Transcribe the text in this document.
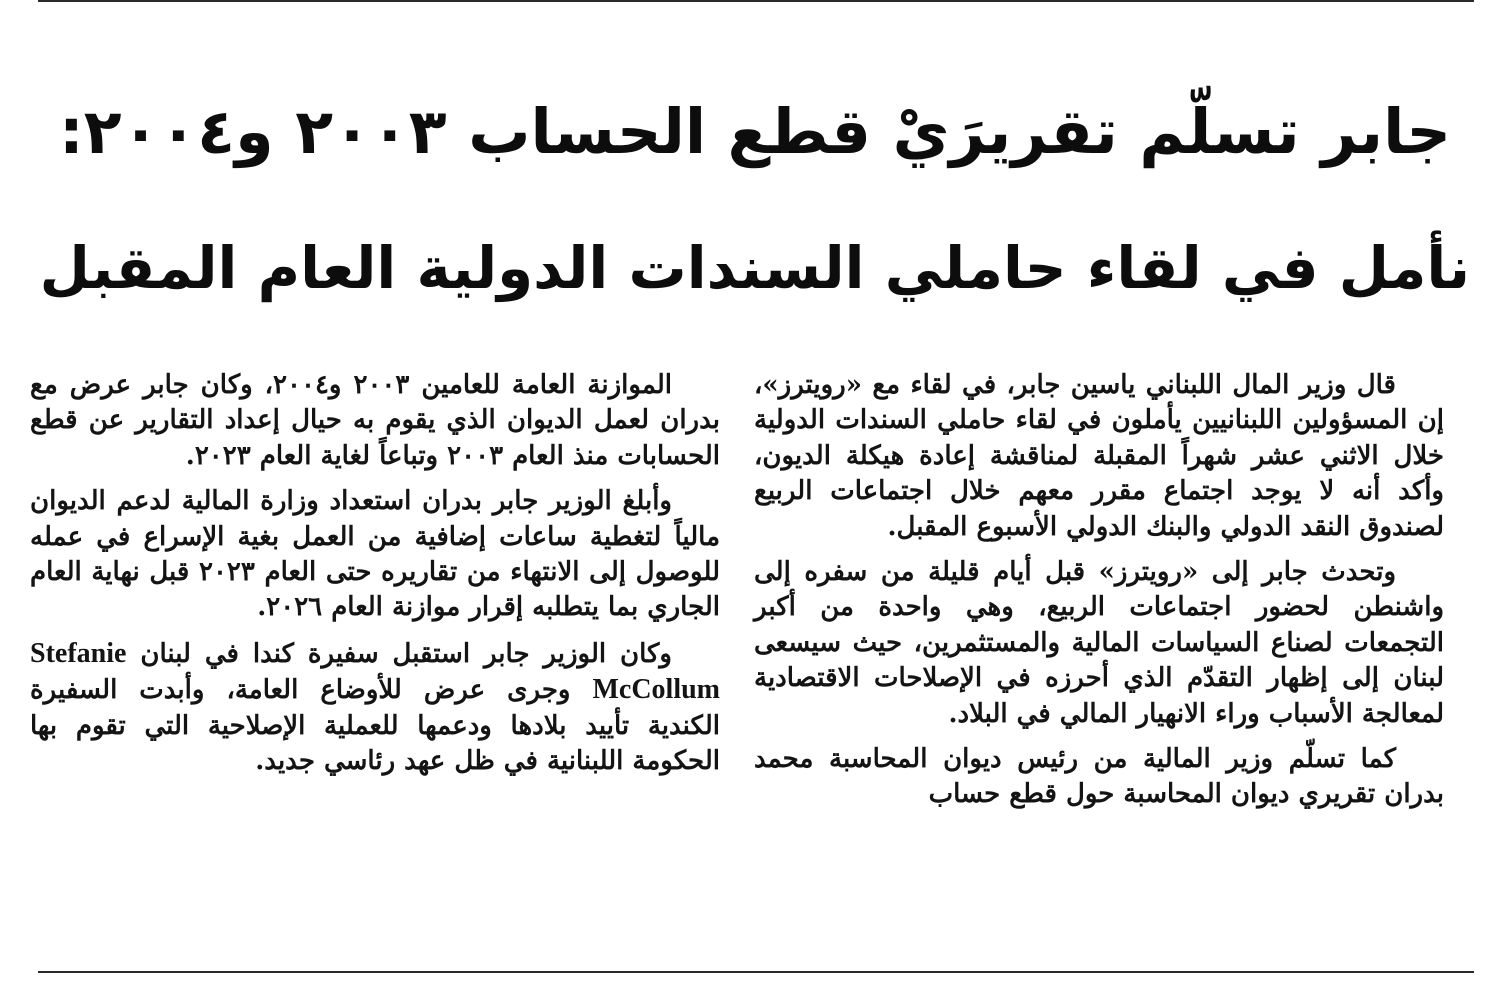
جابر تسلّم تقريرَيْ قطع الحساب ٢٠٠٣ و٢٠٠٤:
نأمل في لقاء حاملي السندات الدولية العام المقبل

قال وزير المال اللبناني ياسين جابر، في لقاء مع «رويترز»، إن المسؤولين اللبنانيين يأملون في لقاء حاملي السندات الدولية خلال الاثني عشر شهراً المقبلة لمناقشة إعادة هيكلة الديون، وأكد أنه لا يوجد اجتماع مقرر معهم خلال اجتماعات الربيع لصندوق النقد الدولي والبنك الدولي الأسبوع المقبل.

وتحدث جابر إلى «رويترز» قبل أيام قليلة من سفره إلى واشنطن لحضور اجتماعات الربيع، وهي واحدة من أكبر التجمعات لصناع السياسات المالية والمستثمرين، حيث سيسعى لبنان إلى إظهار التقدّم الذي أحرزه في الإصلاحات الاقتصادية لمعالجة الأسباب وراء الانهيار المالي في البلاد.

كما تسلّم وزير المالية من رئيس ديوان المحاسبة محمد بدران تقريري ديوان المحاسبة حول قطع حساب

الموازنة العامة للعامين ٢٠٠٣ و٢٠٠٤، وكان جابر عرض مع بدران لعمل الديوان الذي يقوم به حيال إعداد التقارير عن قطع الحسابات منذ العام ٢٠٠٣ وتباعاً لغاية العام ٢٠٢٣.

وأبلغ الوزير جابر بدران استعداد وزارة المالية لدعم الديوان مالياً لتغطية ساعات إضافية من العمل بغية الإسراع في عمله للوصول إلى الانتهاء من تقاريره حتى العام ٢٠٢٣ قبل نهاية العام الجاري بما يتطلبه إقرار موازنة العام ٢٠٢٦.

وكان الوزير جابر استقبل سفيرة كندا في لبنان Stefanie McCollum وجرى عرض للأوضاع العامة، وأبدت السفيرة الكندية تأييد بلادها ودعمها للعملية الإصلاحية التي تقوم بها الحكومة اللبنانية في ظل عهد رئاسي جديد.
